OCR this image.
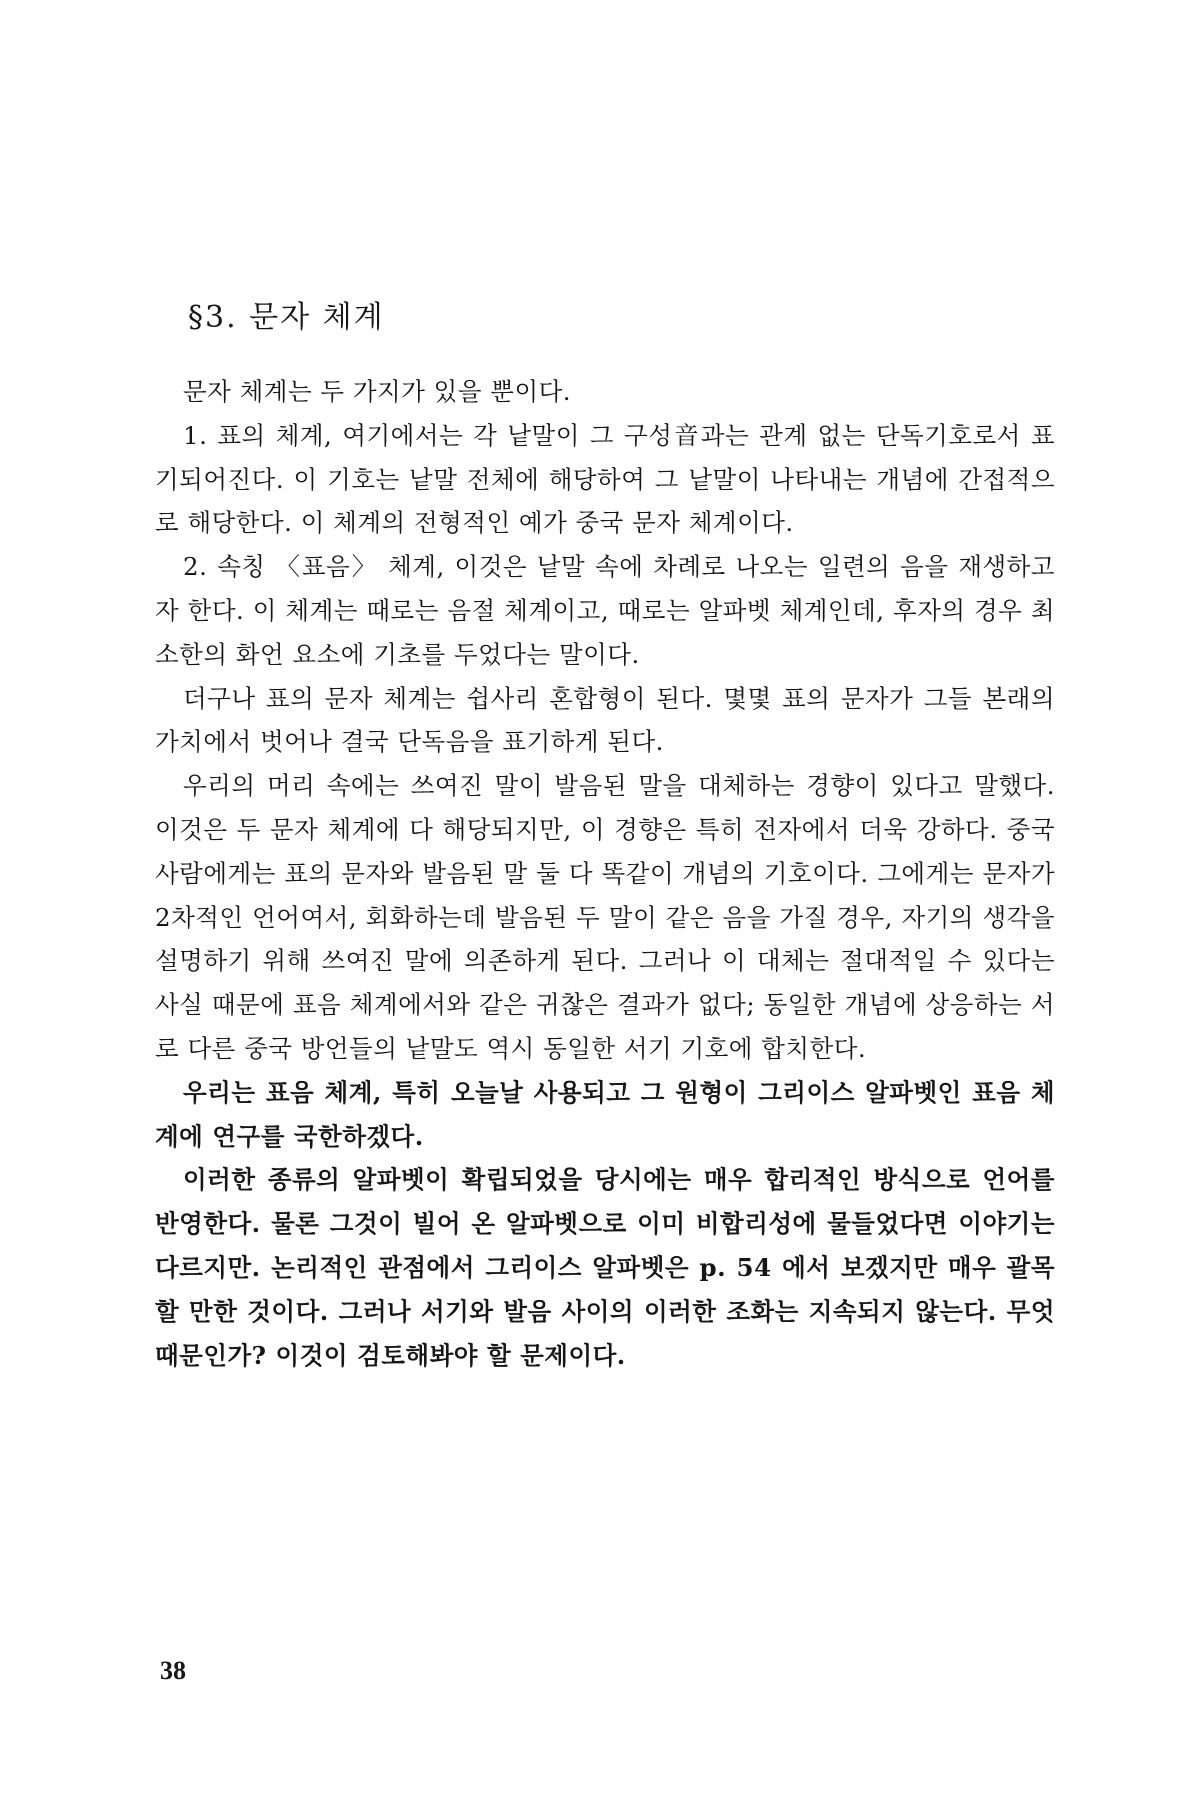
§3. 문자 체계

문자 체계는 두 가지가 있을 뿐이다.

1. 표의 체계, 여기에서는 각 낱말이 그 구성音과는 관계 없는 단독기호로서 표기되어진다. 이 기호는 낱말 전체에 해당하여 그 낱말이 나타내는 개념에 간접적으로 해당한다. 이 체계의 전형적인 예가 중국 문자 체계이다.

2. 속칭 〈표음〉 체계, 이것은 낱말 속에 차례로 나오는 일련의 음을 재생하고자 한다. 이 체계는 때로는 음절 체계이고, 때로는 알파벳 체계인데, 후자의 경우 최소한의 화언 요소에 기초를 두었다는 말이다.

더구나 표의 문자 체계는 쉽사리 혼합형이 된다. 몇몇 표의 문자가 그들 본래의 가치에서 벗어나 결국 단독음을 표기하게 된다.

우리의 머리 속에는 쓰여진 말이 발음된 말을 대체하는 경향이 있다고 말했다. 이것은 두 문자 체계에 다 해당되지만, 이 경향은 특히 전자에서 더욱 강하다. 중국 사람에게는 표의 문자와 발음된 말 둘 다 똑같이 개념의 기호이다. 그에게는 문자가 2차적인 언어여서, 회화하는데 발음된 두 말이 같은 음을 가질 경우, 자기의 생각을 설명하기 위해 쓰여진 말에 의존하게 된다. 그러나 이 대체는 절대적일 수 있다는 사실 때문에 표음 체계에서와 같은 귀찮은 결과가 없다; 동일한 개념에 상응하는 서로 다른 중국 방언들의 낱말도 역시 동일한 서기 기호에 합치한다.

우리는 표음 체계, 특히 오늘날 사용되고 그 원형이 그리이스 알파벳인 표음 체계에 연구를 국한하겠다.

이러한 종류의 알파벳이 확립되었을 당시에는 매우 합리적인 방식으로 언어를 반영한다. 물론 그것이 빌어 온 알파벳으로 이미 비합리성에 물들었다면 이야기는 다르지만. 논리적인 관점에서 그리이스 알파벳은 p. 54 에서 보겠지만 매우 괄목할 만한 것이다. 그러나 서기와 발음 사이의 이러한 조화는 지속되지 않는다. 무엇 때문인가? 이것이 검토해봐야 할 문제이다.

38
